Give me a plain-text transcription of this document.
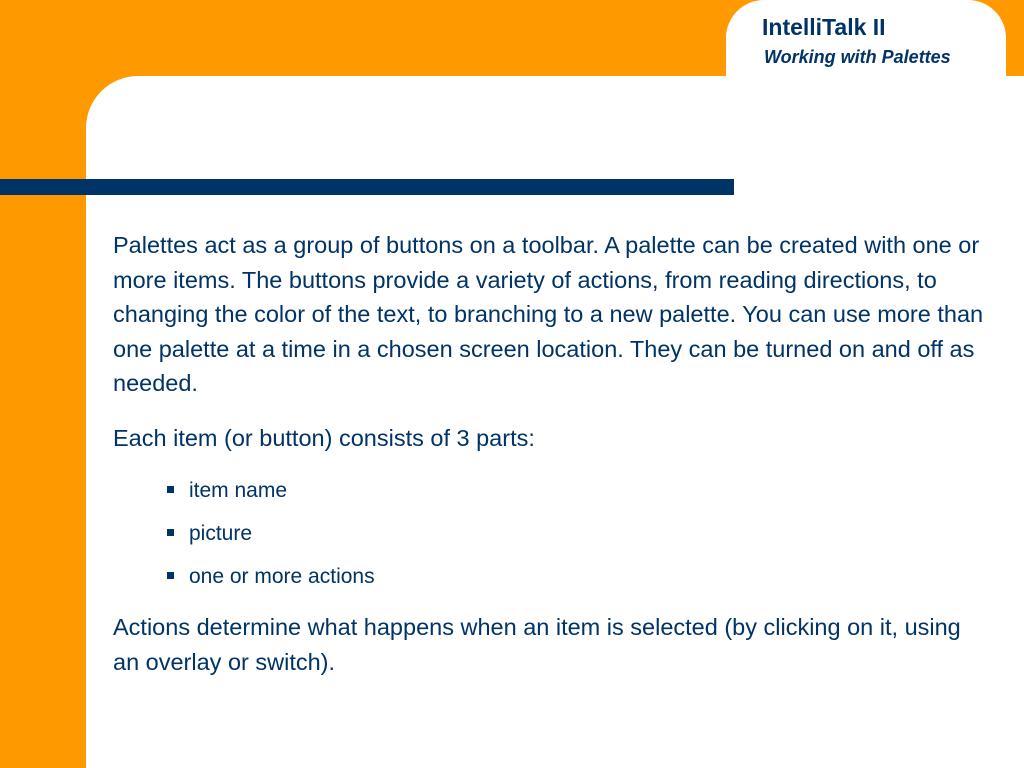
IntelliTalk II
Working with Palettes

Palettes act as a group of buttons on a toolbar. A palette can be created with one or more items. The buttons provide a variety of actions, from reading directions, to changing the color of the text, to branching to a new palette. You can use more than one palette at a time in a chosen screen location. They can be turned on and off as needed.

Each item (or button) consists of 3 parts:

item name
picture
one or more actions

Actions determine what happens when an item is selected (by clicking on it, using an overlay or switch).
